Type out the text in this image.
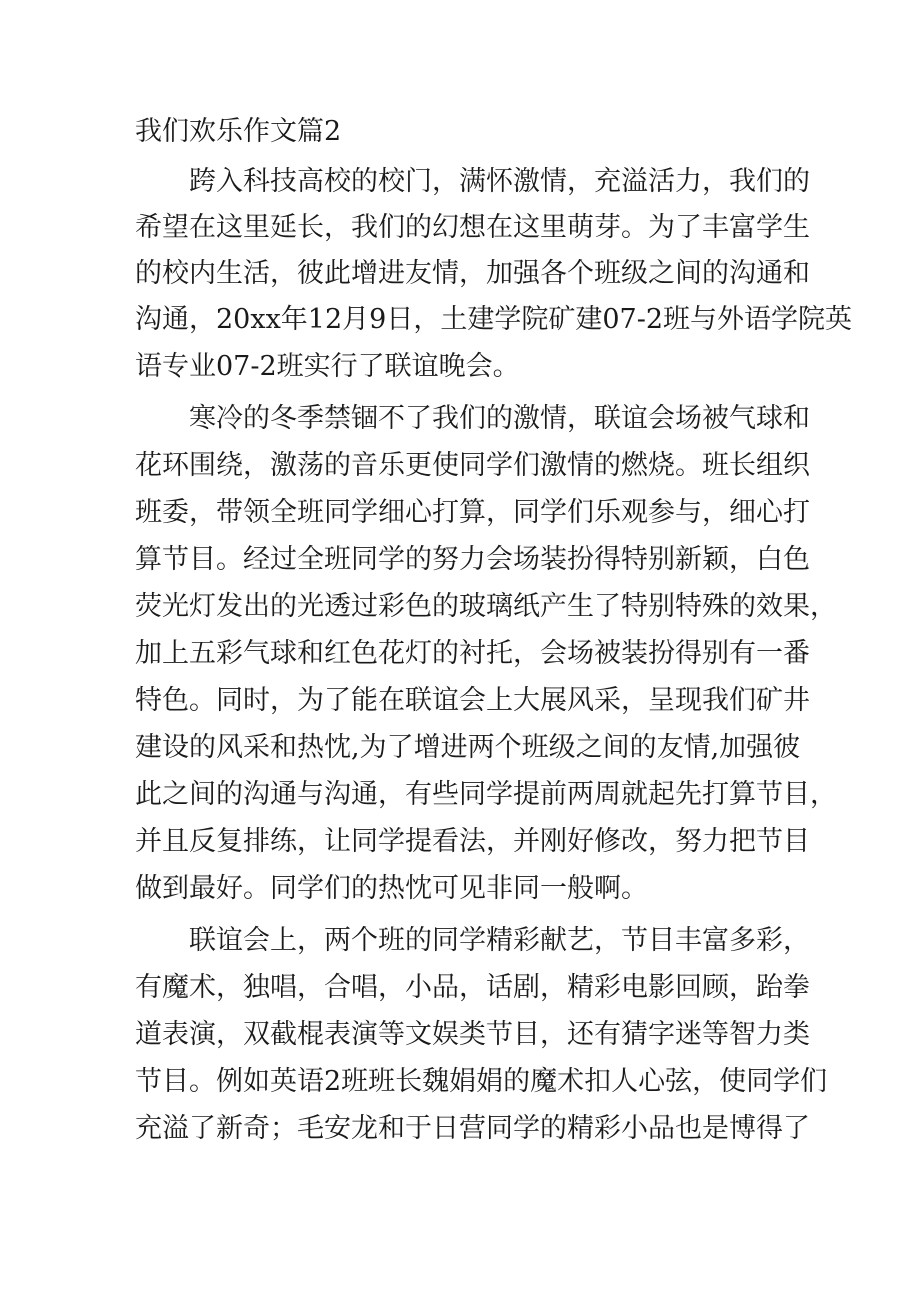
我们欢乐作文篇2

跨入科技高校的校门，满怀激情，充溢活力，我们的

希望在这里延长，我们的幻想在这里萌芽。为了丰富学生

的校内生活，彼此增进友情，加强各个班级之间的沟通和

沟通，20xx年12月9日，土建学院矿建07-2班与外语学院英

语专业07-2班实行了联谊晚会。

寒冷的冬季禁锢不了我们的激情，联谊会场被气球和

花环围绕，激荡的音乐更使同学们激情的燃烧。班长组织

班委，带领全班同学细心打算，同学们乐观参与，细心打

算节目。经过全班同学的努力会场装扮得特别新颖，白色

荧光灯发出的光透过彩色的玻璃纸产生了特别特殊的效果，

加上五彩气球和红色花灯的衬托，会场被装扮得别有一番

特色。同时，为了能在联谊会上大展风采，呈现我们矿井

建设的风采和热忱,为了增进两个班级之间的友情,加强彼

此之间的沟通与沟通，有些同学提前两周就起先打算节目，

并且反复排练，让同学提看法，并刚好修改，努力把节目

做到最好。同学们的热忱可见非同一般啊。

联谊会上，两个班的同学精彩献艺，节目丰富多彩，

有魔术，独唱，合唱，小品，话剧，精彩电影回顾，跆拳

道表演，双截棍表演等文娱类节目，还有猜字迷等智力类

节目。例如英语2班班长魏娟娟的魔术扣人心弦，使同学们

充溢了新奇；毛安龙和于日营同学的精彩小品也是博得了
